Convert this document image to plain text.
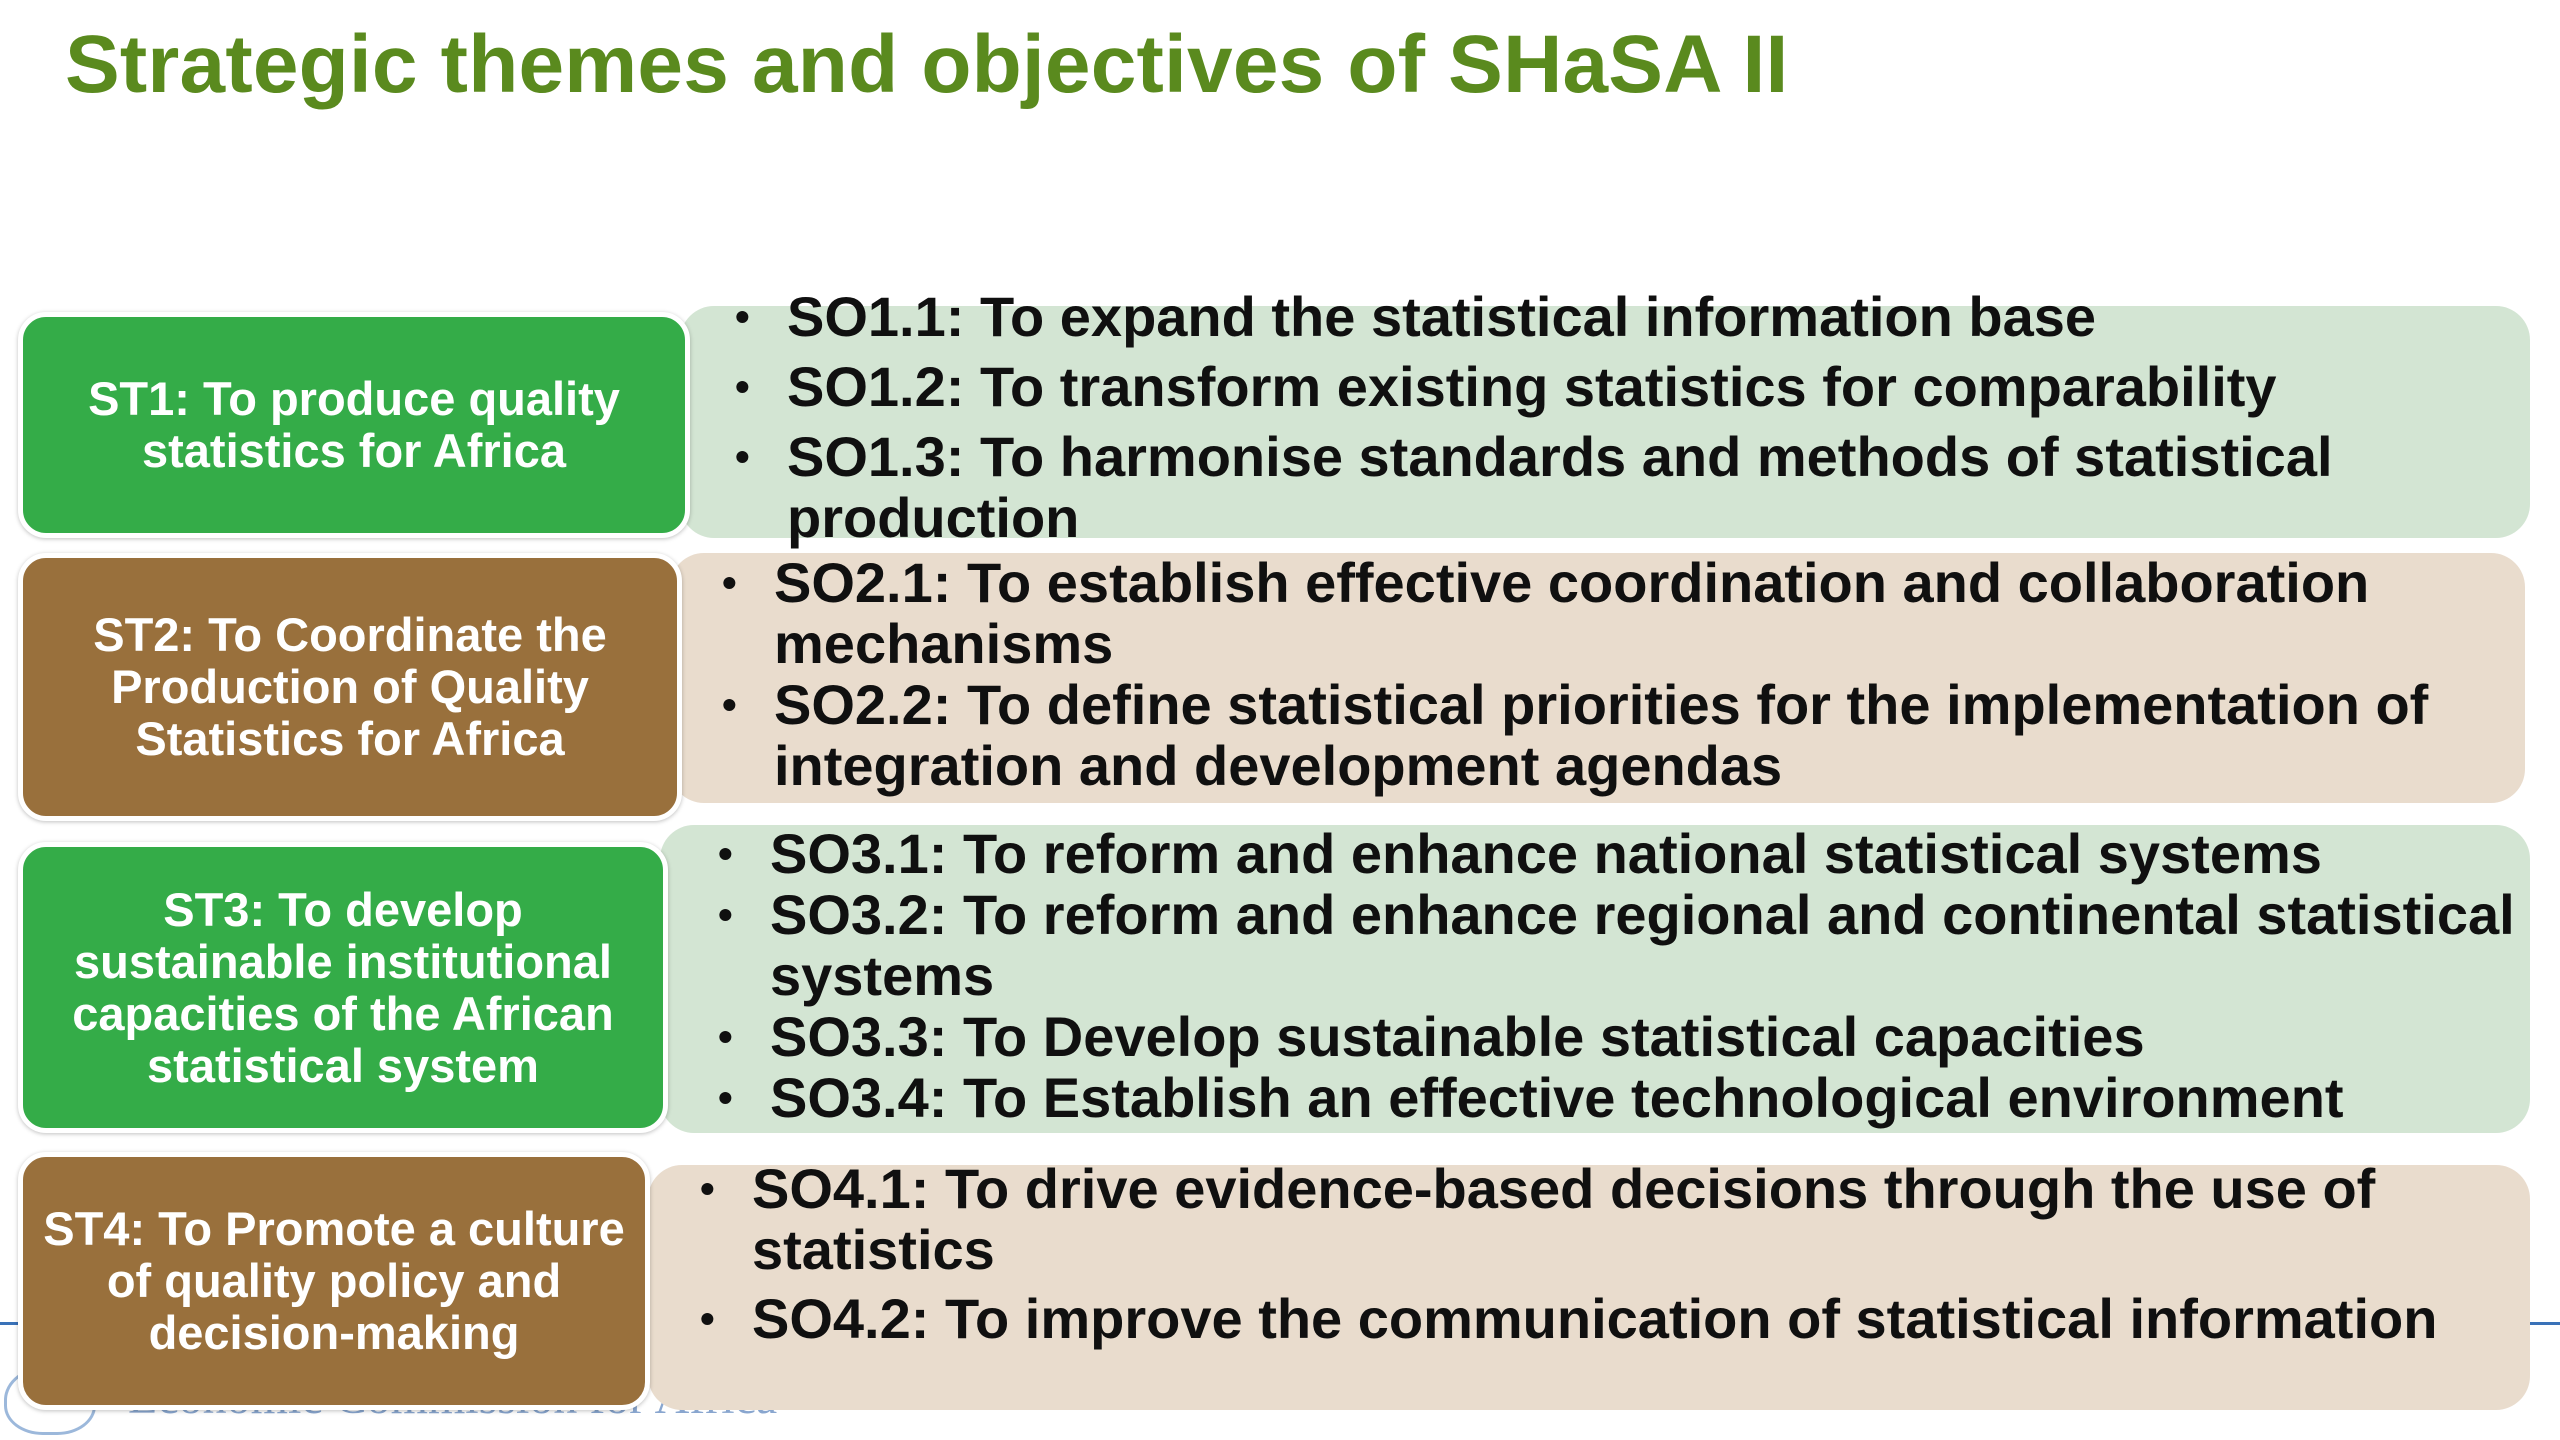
Strategic themes and objectives of SHaSA II
ST1: To produce quality statistics for Africa
• SO1.1: To expand the statistical information base
• SO1.2: To transform existing statistics for comparability
• SO1.3: To harmonise standards and methods of statistical production
ST2: To Coordinate the Production of Quality Statistics for Africa
• SO2.1: To establish effective coordination and collaboration mechanisms
• SO2.2: To define statistical priorities for the implementation of integration and development agendas
ST3: To develop sustainable institutional capacities of the African statistical system
• SO3.1: To reform and enhance national statistical systems
• SO3.2: To reform and enhance regional and continental statistical systems
• SO3.3: To Develop sustainable statistical capacities
• SO3.4: To Establish an effective technological environment
ST4: To Promote a culture of quality policy and decision-making
• SO4.1: To drive evidence-based decisions through the use of statistics
• SO4.2: To improve the communication of statistical information
